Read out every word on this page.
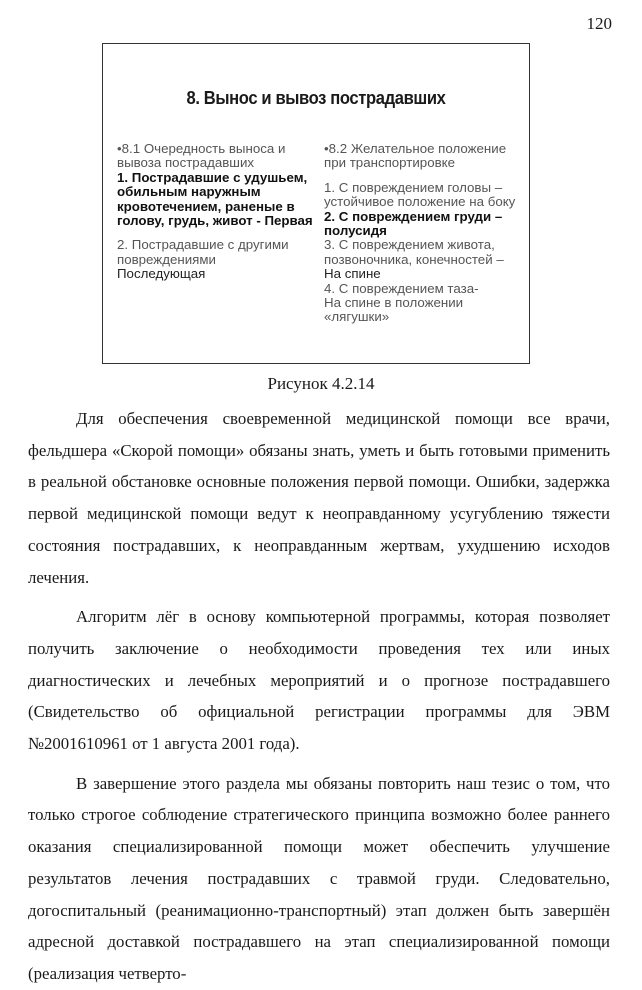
120
8. Вынос и вывоз пострадавших
•8.1 Очередность выноса и вывоза пострадавших
1. Пострадавшие с удушьем, обильным наружным кровотечением, раненые в голову, грудь, живот - Первая
2. Пострадавшие с другими повреждениями
Последующая
•8.2 Желательное положение при транспортировке
1. С повреждением головы – устойчивое положение на боку
2. С повреждением груди – полусидя
3. С повреждением живота, позвоночника, конечностей –
На спине
4. С повреждением таза-
На спине в положении «лягушки»
Рисунок 4.2.14

Для обеспечения своевременной медицинской помощи все врачи, фельдшера «Скорой помощи» обязаны знать, уметь и быть готовыми применить в реальной обстановке основные положения первой помощи. Ошибки, задержка первой медицинской помощи ведут к неоправданному усугублению тяжести состояния пострадавших, к неоправданным жертвам, ухудшению исходов лечения.

Алгоритм лёг в основу компьютерной программы, которая позволяет получить заключение о необходимости проведения тех или иных диагностических и лечебных мероприятий и о прогнозе пострадавшего (Свидетельство об официальной регистрации программы для ЭВМ №2001610961 от 1 августа 2001 года).

В завершение этого раздела мы обязаны повторить наш тезис о том, что только строгое соблюдение стратегического принципа возможно более раннего оказания специализированной помощи может обеспечить улучшение результатов лечения пострадавших с травмой груди. Следовательно, догоспитальный (реанимационно-транспортный) этап должен быть завершён адресной доставкой пострадавшего на этап специализированной помощи (реализация четверто-
